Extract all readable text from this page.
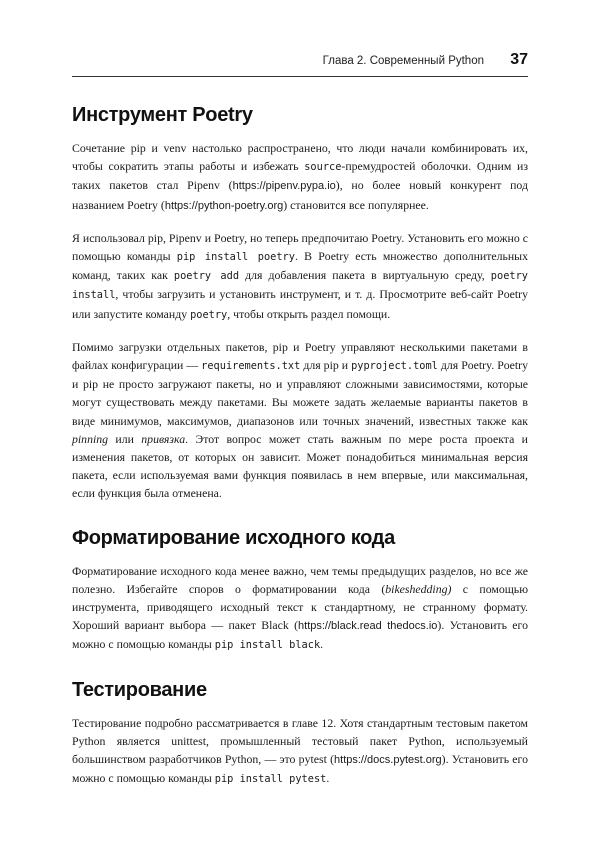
Глава 2. Современный Python 37
Инструмент Poetry

Сочетание pip и venv настолько распространено, что люди начали комбинировать их, чтобы сократить этапы работы и избежать source-премудростей оболочки. Одним из таких пакетов стал Pipenv (https://pipenv.pypa.io), но более новый конкурент под названием Poetry (https://python-poetry.org) становится все популярнее.

Я использовал pip, Pipenv и Poetry, но теперь предпочитаю Poetry. Установить его можно с помощью команды pip install poetry. В Poetry есть множество дополнительных команд, таких как poetry add для добавления пакета в виртуальную среду, poetry install, чтобы загрузить и установить инструмент, и т. д. Просмотрите веб-сайт Poetry или запустите команду poetry, чтобы открыть раздел помощи.

Помимо загрузки отдельных пакетов, pip и Poetry управляют несколькими пакетами в файлах конфигурации — requirements.txt для pip и pyproject.toml для Poetry. Poetry и pip не просто загружают пакеты, но и управляют сложными зависимостями, которые могут существовать между пакетами. Вы можете задать желаемые варианты пакетов в виде минимумов, максимумов, диапазонов или точных значений, известных также как pinning или привязка. Этот вопрос может стать важным по мере роста проекта и изменения пакетов, от которых он зависит. Может понадобиться минимальная версия пакета, если используемая вами функция появилась в нем впервые, или максимальная, если функция была отменена.

Форматирование исходного кода

Форматирование исходного кода менее важно, чем темы предыдущих разделов, но все же полезно. Избегайте споров о форматировании кода (bikeshedding) с помощью инструмента, приводящего исходный текст к стандартному, не странному формату. Хороший вариант выбора — пакет Black (https://black.read thedocs.io). Установить его можно с помощью команды pip install black.

Тестирование

Тестирование подробно рассматривается в главе 12. Хотя стандартным тестовым пакетом Python является unittest, промышленный тестовый пакет Python, используемый большинством разработчиков Python, — это pytest (https://docs.pytest.org). Установить его можно с помощью команды pip install pytest.
